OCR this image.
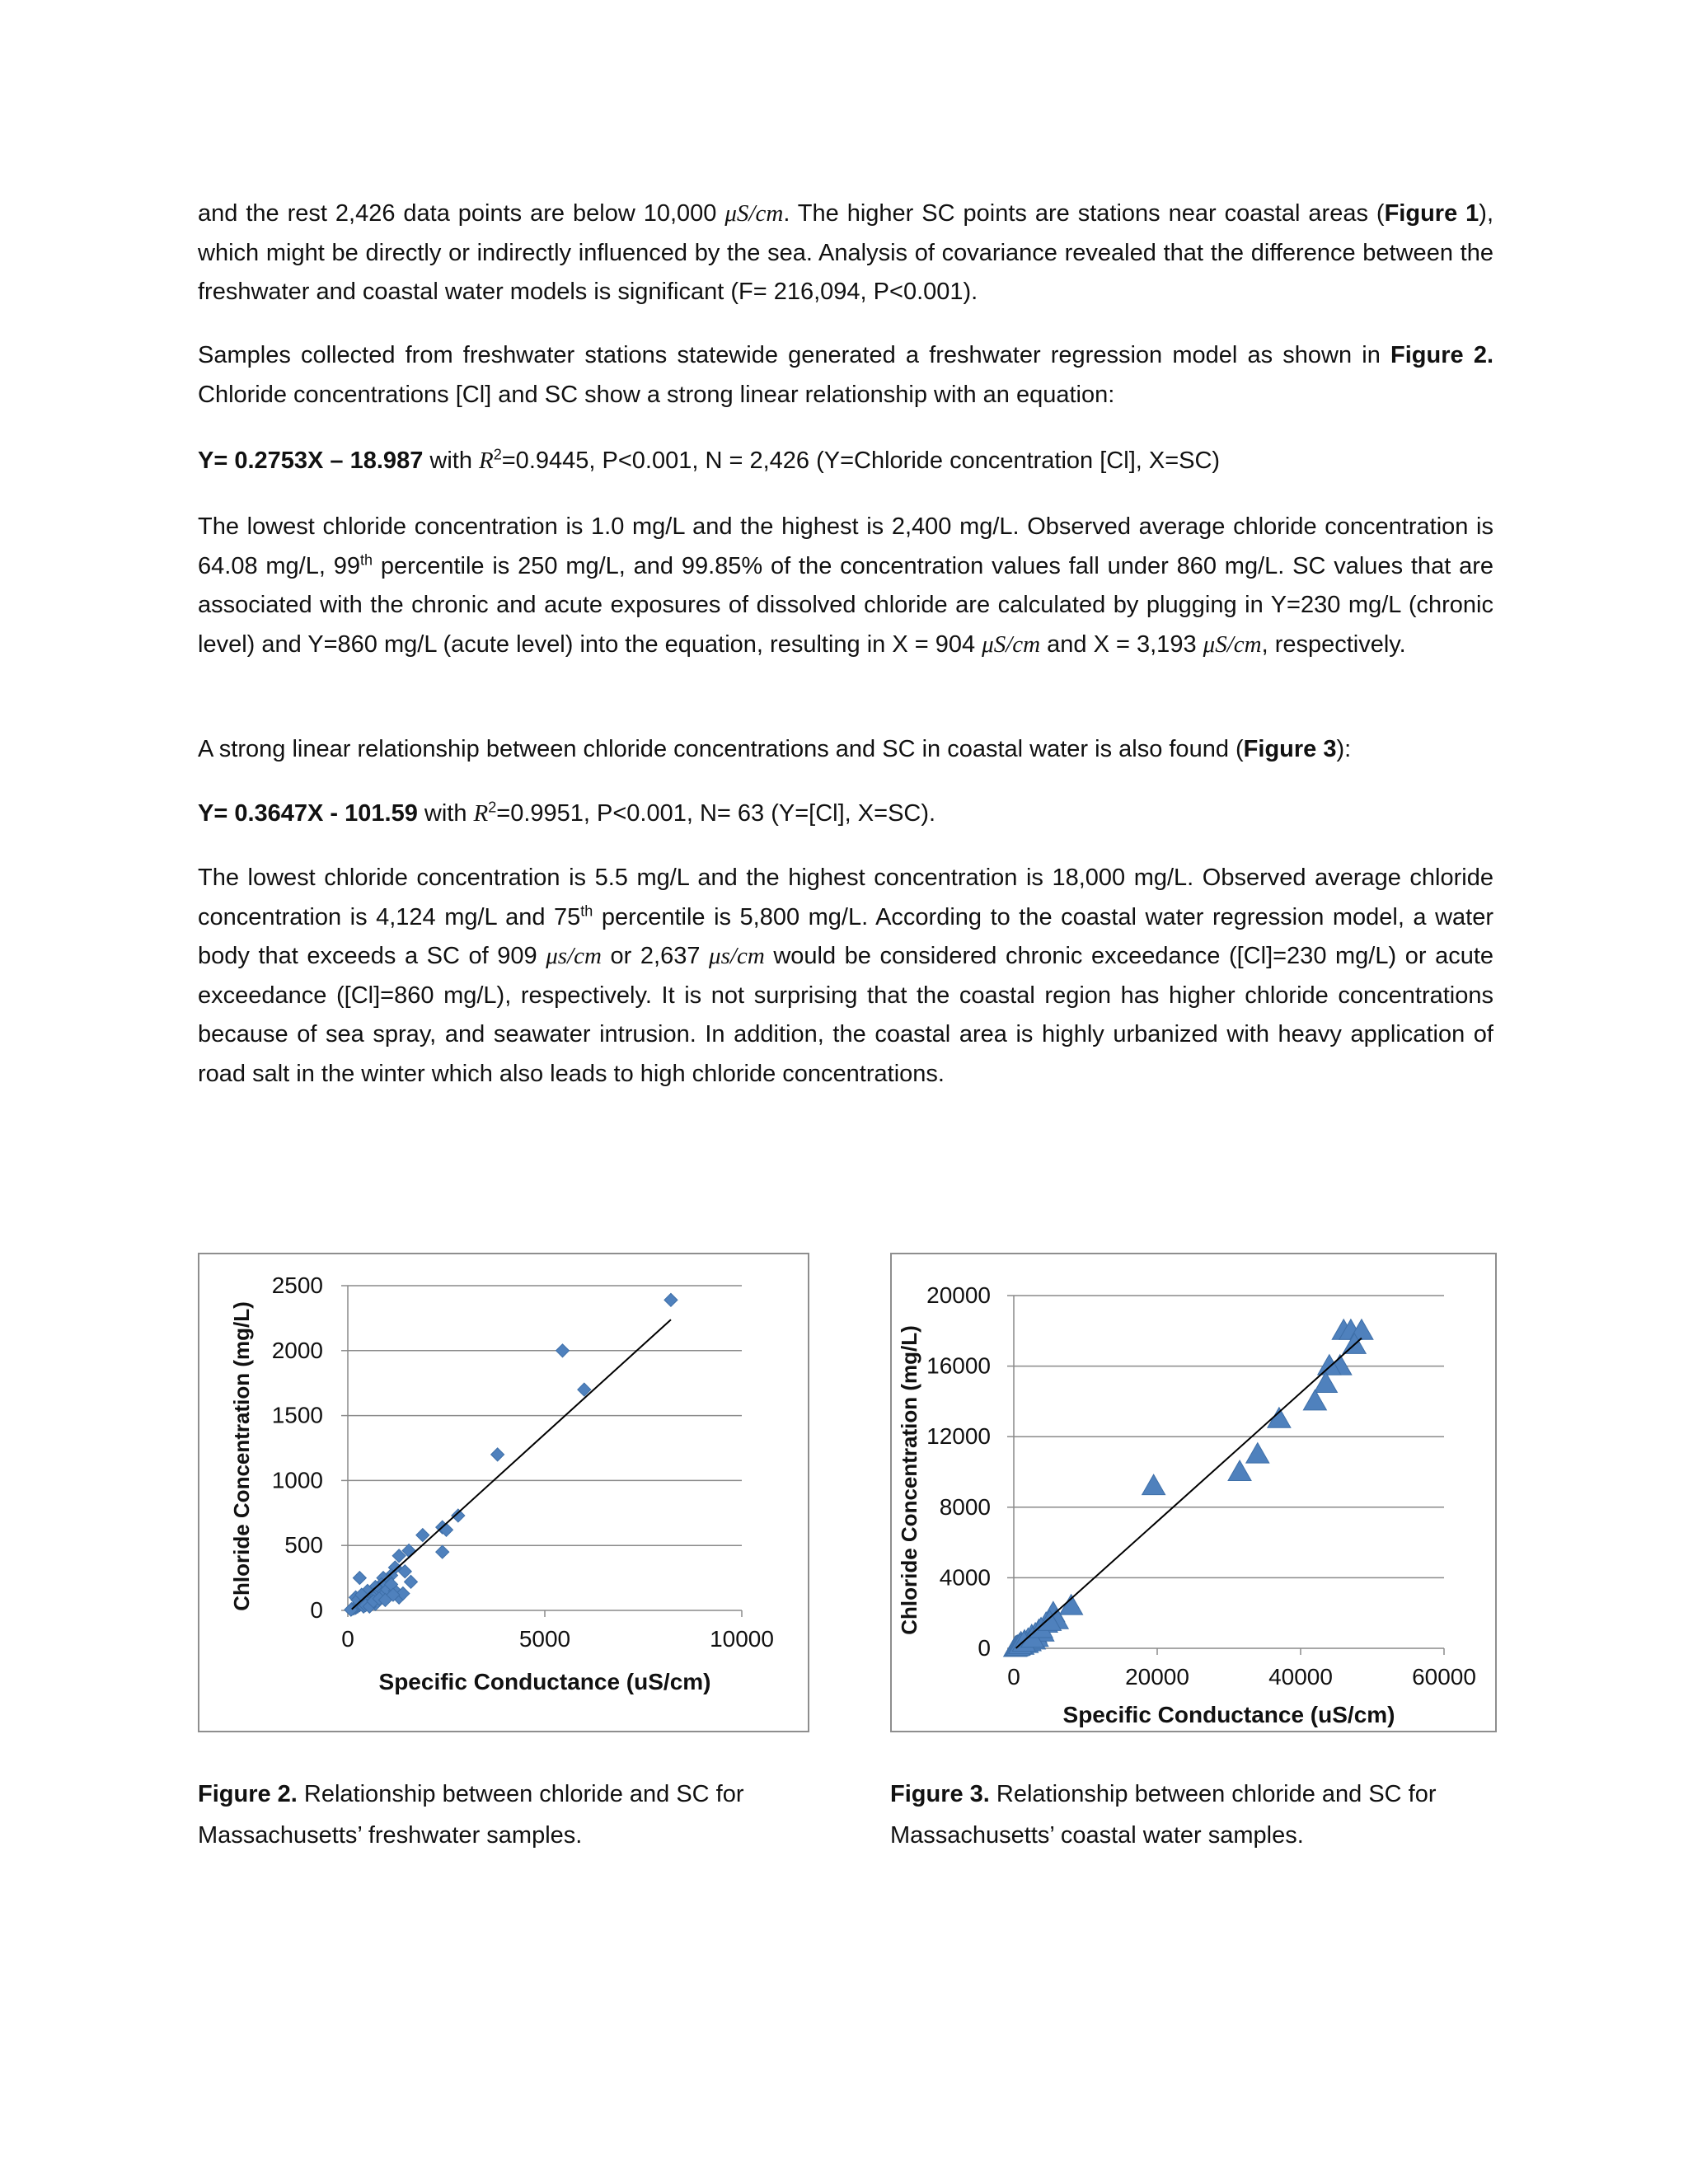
and the rest 2,426 data points are below 10,000 μS/cm. The higher SC points are stations near coastal areas (Figure 1), which might be directly or indirectly influenced by the sea. Analysis of covariance revealed that the difference between the freshwater and coastal water models is significant (F= 216,094, P<0.001).

Samples collected from freshwater stations statewide generated a freshwater regression model as shown in Figure 2. Chloride concentrations [Cl] and SC show a strong linear relationship with an equation:

Y= 0.2753X – 18.987 with $R^2=0.9445$, P<0.001, N = 2,426 (Y=Chloride concentration [Cl], X=SC)

The lowest chloride concentration is 1.0 mg/L and the highest is 2,400 mg/L. Observed average chloride concentration is 64.08 mg/L, 99th percentile is 250 mg/L, and 99.85% of the concentration values fall under 860 mg/L. SC values that are associated with the chronic and acute exposures of dissolved chloride are calculated by plugging in Y=230 mg/L (chronic level) and Y=860 mg/L (acute level) into the equation, resulting in X = 904 μS/cm and X = 3,193 μS/cm, respectively.

A strong linear relationship between chloride concentrations and SC in coastal water is also found (Figure 3):

Y= 0.3647X - 101.59 with $R^2=0.9951$, P<0.001, N= 63 (Y=[Cl], X=SC).

The lowest chloride concentration is 5.5 mg/L and the highest concentration is 18,000 mg/L. Observed average chloride concentration is 4,124 mg/L and 75th percentile is 5,800 mg/L. According to the coastal water regression model, a water body that exceeds a SC of 909 μs/cm or 2,637 μs/cm would be considered chronic exceedance ([Cl]=230 mg/L) or acute exceedance ([Cl]=860 mg/L), respectively. It is not surprising that the coastal region has higher chloride concentrations because of sea spray, and seawater intrusion. In addition, the coastal area is highly urbanized with heavy application of road salt in the winter which also leads to high chloride concentrations.

0
500
1000
1500
2000
2500
0	5000	10000
Specific Conductance (uS/cm)
Chloride Concentration (mg/L)
0
4000
8000
12000
16000
20000
0	20000	40000	60000
Specific Conductance (uS/cm)
Chloride Concentration (mg/L)
Figure 2. Relationship between chloride and SC for Massachusetts’ freshwater samples.
Figure 3. Relationship between chloride and SC for Massachusetts’ coastal water samples.
